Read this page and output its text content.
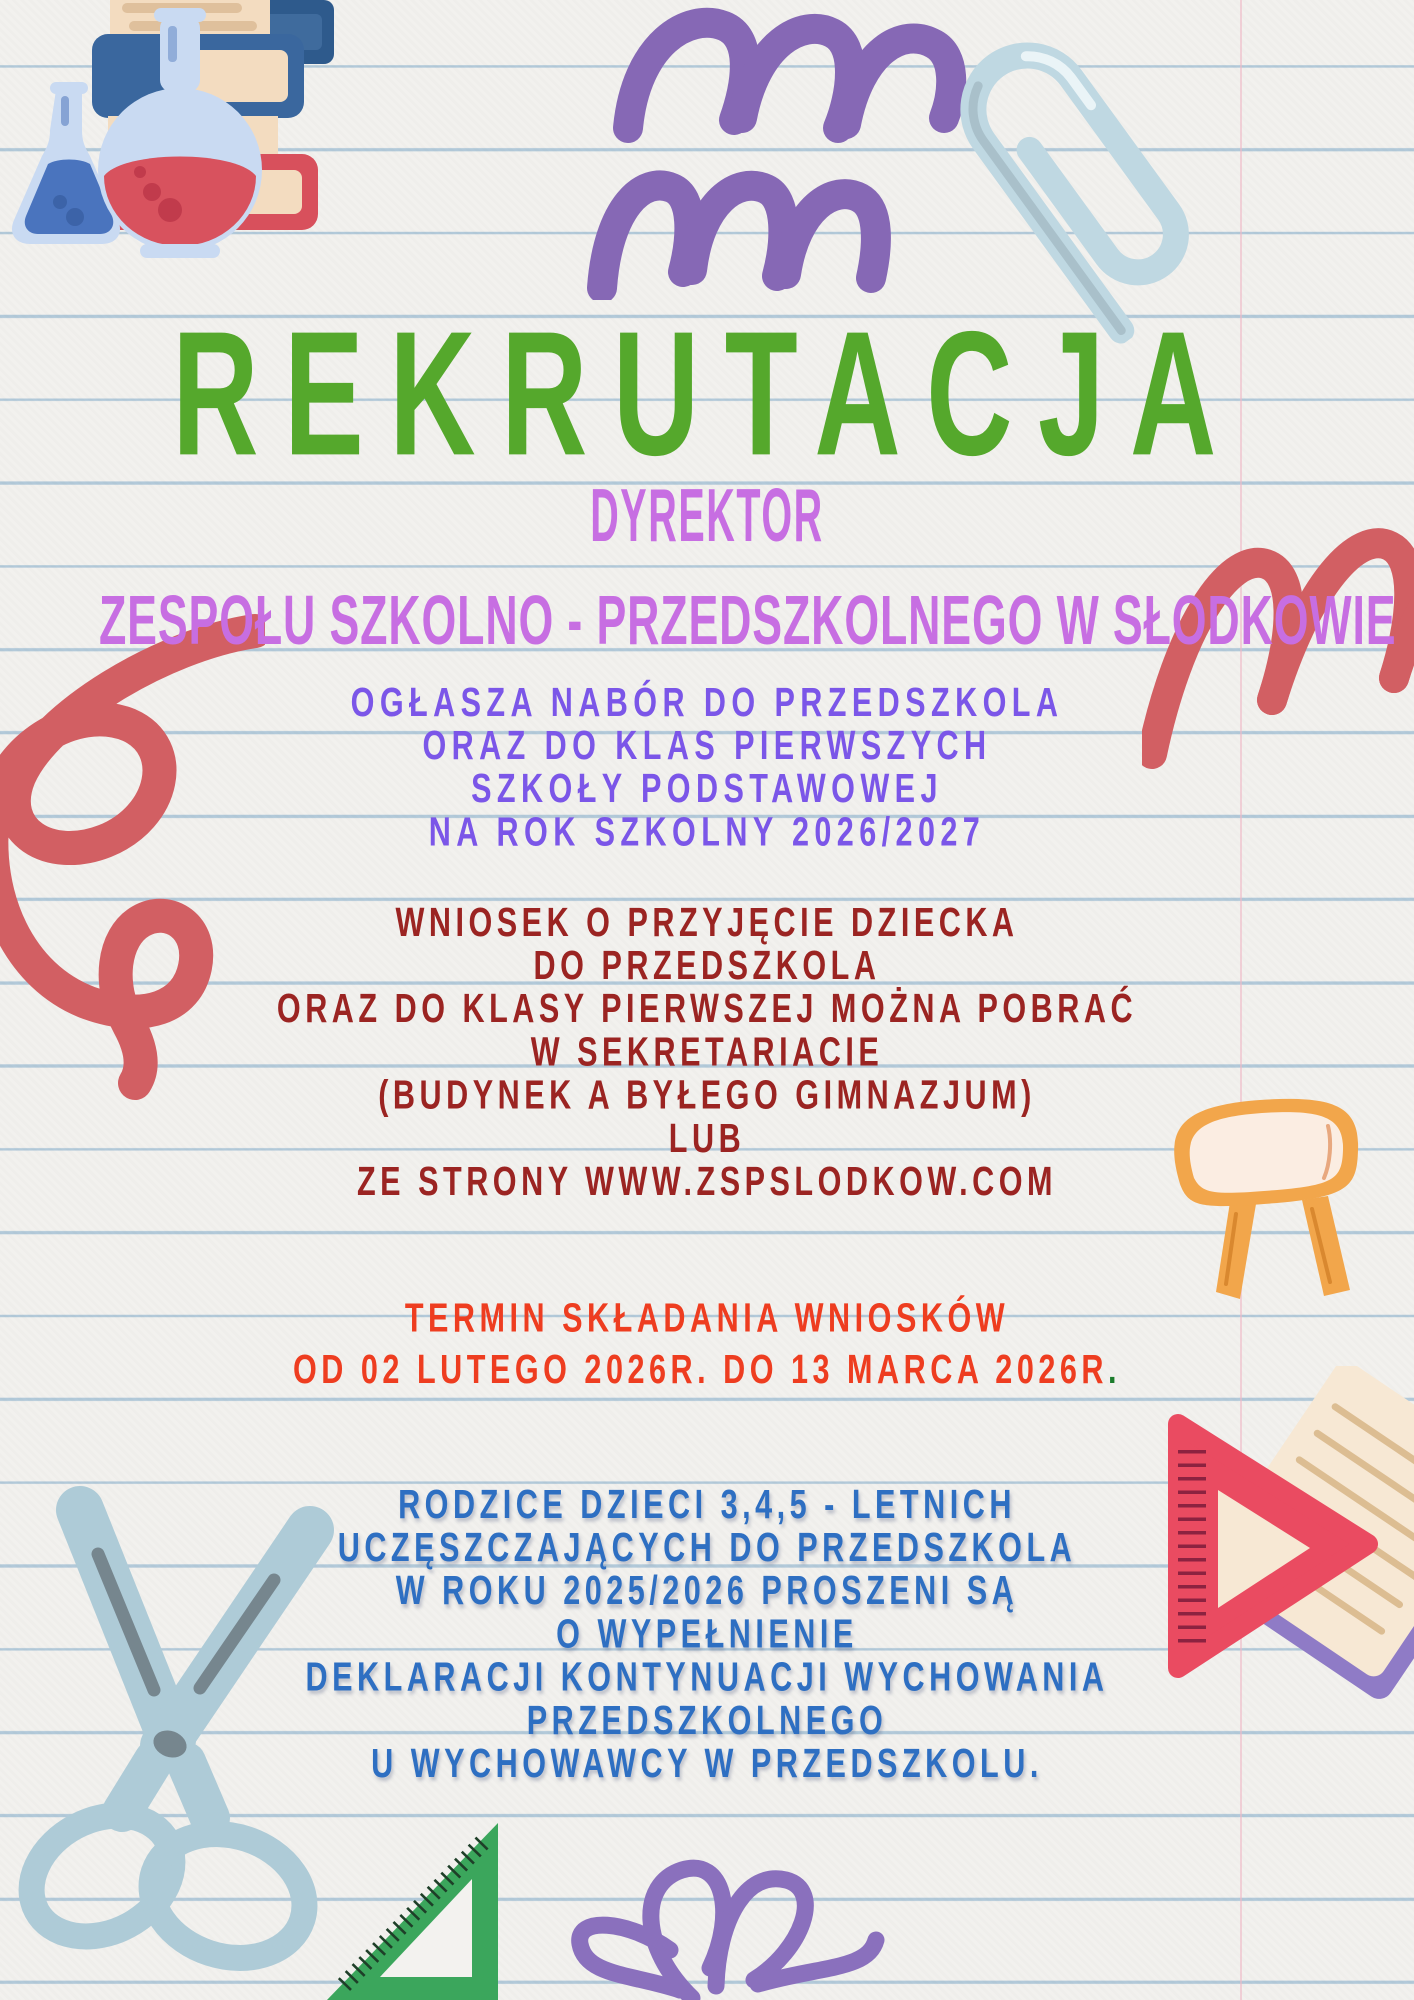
REKRUTACJA
DYREKTOR
ZESPOŁU SZKOLNO - PRZEDSZKOLNEGO W SŁODKOWIE
OGŁASZA NABÓR DO PRZEDSZKOLA
ORAZ DO KLAS PIERWSZYCH
SZKOŁY PODSTAWOWEJ
NA ROK SZKOLNY 2026/2027
WNIOSEK O PRZYJĘCIE DZIECKA
DO PRZEDSZKOLA
ORAZ DO KLASY PIERWSZEJ MOŻNA POBRAĆ
W SEKRETARIACIE
(BUDYNEK A BYŁEGO GIMNAZJUM)
LUB
ZE STRONY WWW.ZSPSLODKOW.COM
TERMIN SKŁADANIA WNIOSKÓW
OD 02 LUTEGO 2026R. DO 13 MARCA 2026R.
RODZICE DZIECI 3,4,5 - LETNICH
UCZĘSZCZAJĄCYCH DO PRZEDSZKOLA
W ROKU 2025/2026 PROSZENI SĄ
O WYPEŁNIENIE
DEKLARACJI KONTYNUACJI WYCHOWANIA
PRZEDSZKOLNEGO
U WYCHOWAWCY W PRZEDSZKOLU.
